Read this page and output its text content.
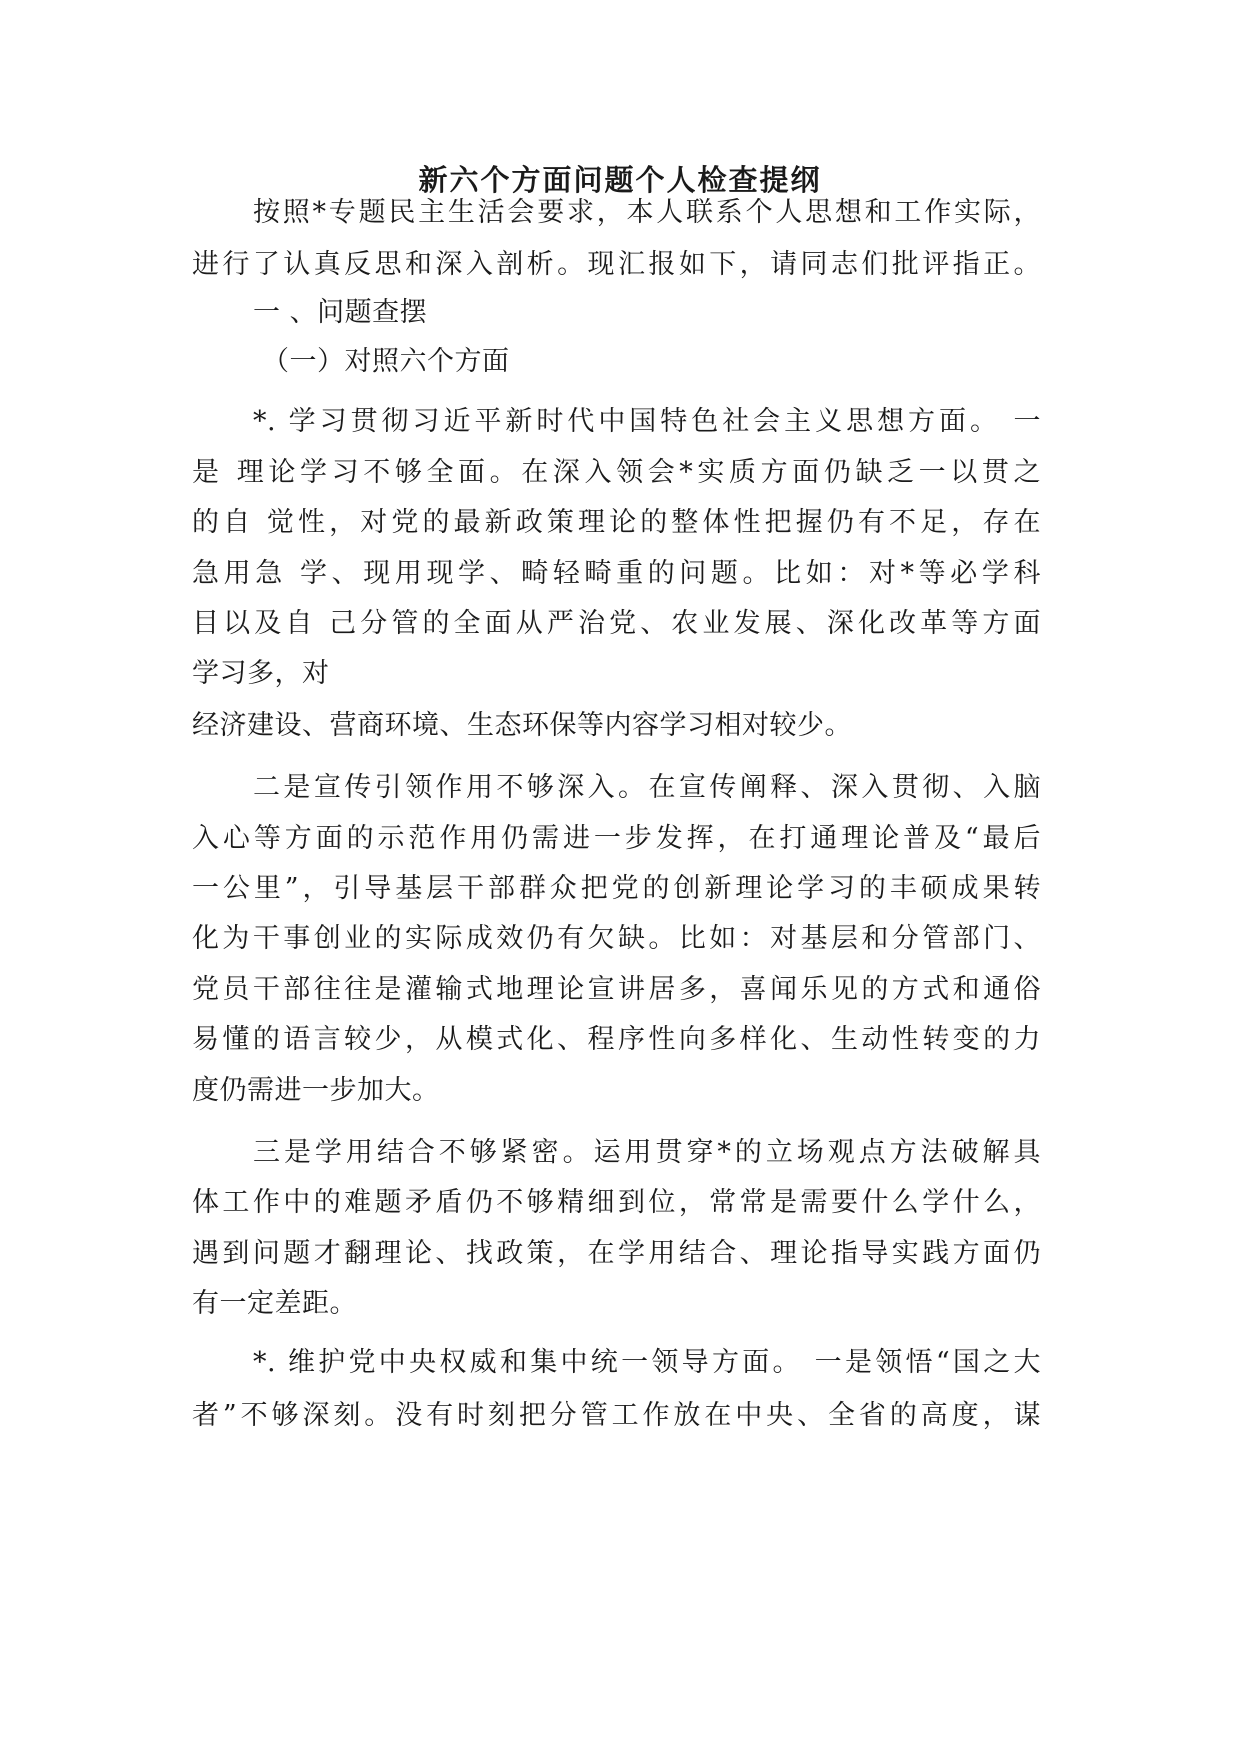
新六个方面问题个人检查提纲
按照*专题民主生活会要求，本人联系个人思想和工作实际，
进行了认真反思和深入剖析。现汇报如下，请同志们批评指正。
一 、问题查摆
（一）对照六个方面
*. 学习贯彻习近平新时代中国特色社会主义思想方面。 一
是 理论学习不够全面。在深入领会*实质方面仍缺乏一以贯之
的自 觉性，对党的最新政策理论的整体性把握仍有不足，存在
急用急 学、现用现学、畸轻畸重的问题。比如：对*等必学科
目以及自 己分管的全面从严治党、农业发展、深化改革等方面
学习多，对
经济建设、营商环境、生态环保等内容学习相对较少。
二是宣传引领作用不够深入。在宣传阐释、深入贯彻、入脑
入心等方面的示范作用仍需进一步发挥，在打通理论普及“最后
一公里”，引导基层干部群众把党的创新理论学习的丰硕成果转
化为干事创业的实际成效仍有欠缺。比如：对基层和分管部门、
党员干部往往是灌输式地理论宣讲居多，喜闻乐见的方式和通俗
易懂的语言较少，从模式化、程序性向多样化、生动性转变的力
度仍需进一步加大。
三是学用结合不够紧密。运用贯穿*的立场观点方法破解具
体工作中的难题矛盾仍不够精细到位，常常是需要什么学什么，
遇到问题才翻理论、找政策，在学用结合、理论指导实践方面仍
有一定差距。
*. 维护党中央权威和集中统一领导方面。 一是领悟“国之大
者”不够深刻。没有时刻把分管工作放在中央、全省的高度，谋
